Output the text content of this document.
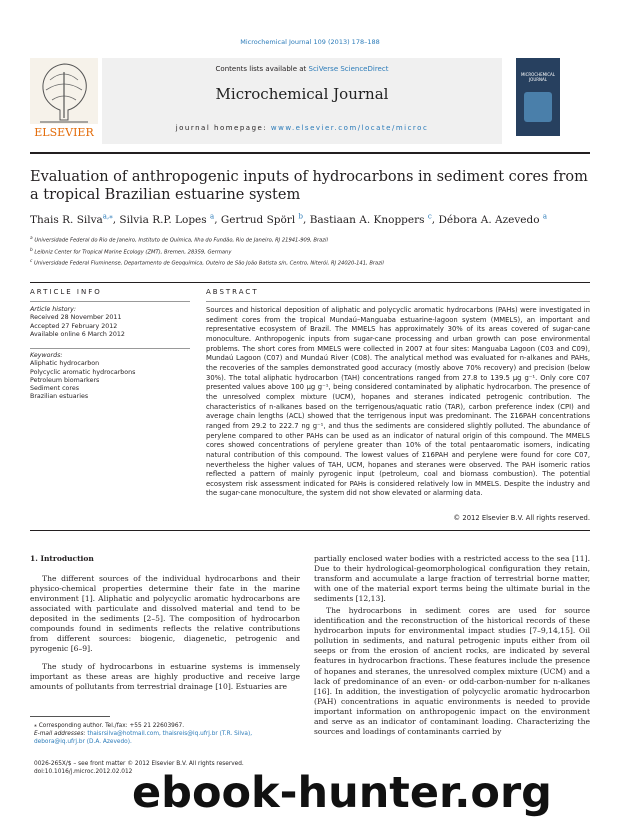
Microchemical Journal 109 (2013) 178–188
ELSEVIER
Contents lists available at SciVerse ScienceDirect
Microchemical Journal
journal homepage: www.elsevier.com/locate/microc
MICROCHEMICAL JOURNAL
Evaluation of anthropogenic inputs of hydrocarbons in sediment cores from a tropical Brazilian estuarine system
Thais R. Silva$^{a,⁎}$, Silvia R.P. Lopes $^a$, Gertrud Spörl $^b$, Bastiaan A. Knoppers $^c$, Débora A. Azevedo $^a$
$^a$ Universidade Federal do Rio de Janeiro, Instituto de Química, Ilha do Fundão, Rio de Janeiro, RJ 21941-909, Brazil
$^b$ Leibniz Center for Tropical Marine Ecology (ZMT), Bremen, 28359, Germany
$^c$ Universidade Federal Fluminense, Departamento de Geoquímica, Outeiro de São João Batista s/n, Centro, Niterói, RJ 24020-141, Brazil
ARTICLE INFO
Article history:
Received 28 November 2011
Accepted 27 February 2012
Available online 6 March 2012
Keywords:
Aliphatic hydrocarbon
Polycyclic aromatic hydrocarbons
Petroleum biomarkers
Sediment cores
Brazilian estuaries
ABSTRACT
Sources and historical deposition of aliphatic and polycyclic aromatic hydrocarbons (PAHs) were investigated in sediment cores from the tropical Mundaú–Manguaba estuarine-lagoon system (MMELS), an important and representative ecosystem of Brazil. The MMELS has approximately 30% of its areas covered of sugar-cane monoculture. Anthropogenic inputs from sugar-cane processing and urban growth can pose environmental problems. The short cores from MMELS were collected in 2007 at four sites: Manguaba Lagoon (C03 and C09), Mundaú Lagoon (C07) and Mundaú River (C08). The analytical method was evaluated for n-alkanes and PAHs, the recoveries of the samples demonstrated good accuracy (mostly above 70% recovery) and precision (below 30%). The total aliphatic hydrocarbon (TAH) concentrations ranged from 27.8 to 139.5 μg g⁻¹. Only core C07 presented values above 100 μg g⁻¹, being considered contaminated by aliphatic hydrocarbon. The presence of the unresolved complex mixture (UCM), hopanes and steranes indicated petrogenic contribution. The characteristics of n-alkanes based on the terrigenous/aquatic ratio (TAR), carbon preference index (CPI) and average chain lengths (ACL) showed that the terrigenous input was predominant. The Σ16PAH concentrations ranged from 29.2 to 222.7 ng g⁻¹, and thus the sediments are considered slightly polluted. The abundance of perylene compared to other PAHs can be used as an indicator of natural origin of this compound. The MMELS cores showed concentrations of perylene greater than 10% of the total pentaaromatic isomers, indicating natural contribution of this compound. The lowest values of Σ16PAH and perylene were found for core C07, nevertheless the higher values of TAH, UCM, hopanes and steranes were observed. The PAH isomeric ratios reflected a pattern of mainly pyrogenic input (petroleum, coal and biomass combustion). The potential ecosystem risk assessment indicated for PAHs is considered relatively low in MMELS. Despite the industry and the sugar-cane monoculture, the system did not show elevated or alarming data.
© 2012 Elsevier B.V. All rights reserved.
1. Introduction

The different sources of the individual hydrocarbons and their physico-chemical properties determine their fate in the marine environment [1]. Aliphatic and polycyclic aromatic hydrocarbons are associated with particulate and dissolved material and tend to be deposited in the sediments [2–5]. The composition of hydrocarbon compounds found in sediments reflects the relative contributions from different sources: biogenic, diagenetic, petrogenic and pyrogenic [6–9].

The study of hydrocarbons in estuarine systems is immensely important as these areas are highly productive and receive large amounts of pollutants from terrestrial drainage [10]. Estuaries are

partially enclosed water bodies with a restricted access to the sea [11]. Due to their hydrological-geomorphological configuration they retain, transform and accumulate a large fraction of terrestrial borne matter, with one of the material export terms being the ultimate burial in the sediments [12,13].

The hydrocarbons in sediment cores are used for source identification and the reconstruction of the historical records of these hydrocarbon inputs for environmental impact studies [7–9,14,15]. Oil pollution in sediments, and natural petrogenic inputs either from oil seeps or from the erosion of ancient rocks, are indicated by several features in hydrocarbon fractions. These features include the presence of hopanes and steranes, the unresolved complex mixture (UCM) and a lack of predominance of an even- or odd-carbon-number for n-alkanes [16]. In addition, the investigation of polycyclic aromatic hydrocarbon (PAH) concentrations in aquatic environments is needed to provide important information on anthropogenic impact on the environment and serve as an indicator of contaminant loading. Characterizing the sources and loadings of contaminants carried by

⁎ Corresponding author. Tel./fax: +55 21 22603967.
E-mail addresses: thaisrsilva@hotmail.com, thaisreis@iq.ufrj.br (T.R. Silva),
debora@iq.ufrj.br (D.A. Azevedo).
0026-265X/$ – see front matter © 2012 Elsevier B.V. All rights reserved.
doi:10.1016/j.microc.2012.02.012 ebook-hunter.org
